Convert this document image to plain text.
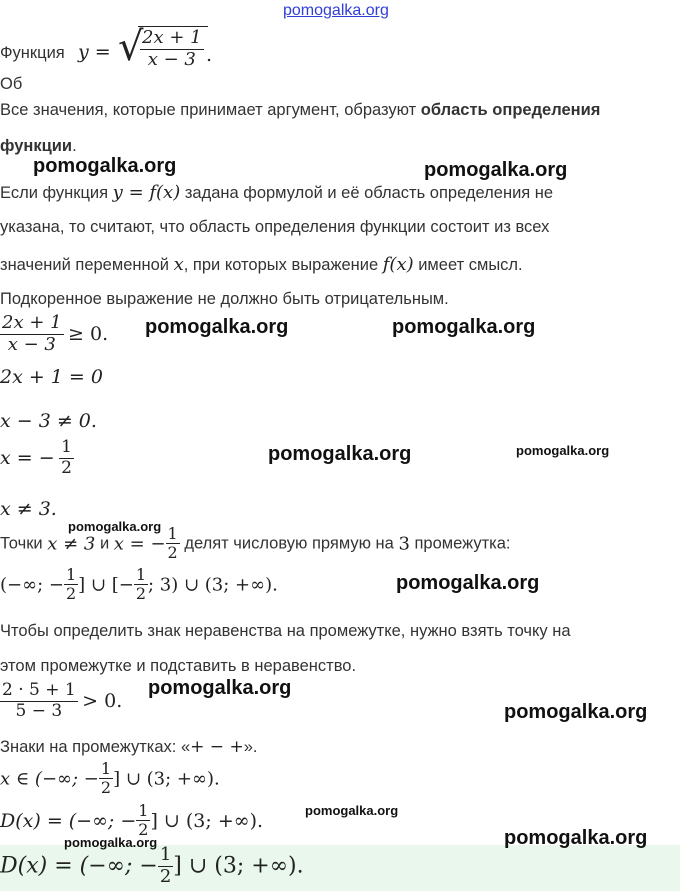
pomogalka.org
Функция y = √
$\frac{2x + 1}{x - 3}$ .
Об
Все значения, которые принимает аргумент, образуют область определения
функции.
pomogalka.org	pomogalka.org
Если функция y = f(x) задана формулой и её область определения не
указана, то считают, что область определения функции состоит из всех
значений переменной x, при которых выражение f(x) имеет смысл.
Подкоренное выражение не должно быть отрицательным.
$\frac{2x + 1}{x - 3} \ge 0$. pomogalka.org	pomogalka.org
2x + 1 = 0
x − 3 ≠ 0.
x = − $\frac{1}{2}$	pomogalka.org	pomogalka.org
x ≠ 3.
pomogalka.org
Точки x ≠ 3 и x = − $\frac{1}{2}$ делят числовую прямую на 3 промежутка:
(−∞; − $\frac{1}{2}$ ] ∪ [− $\frac{1}{2}$ ; 3) ∪ (3; +∞).	pomogalka.org
Чтобы определить знак неравенства на промежутке, нужно взять точку на
этом промежутке и подставить в неравенство.
pomogalka.org
$\frac{2 \cdot 5 + 1}{5 - 3} > 0$.	pomogalka.org
Знаки на промежутках: «+ − +».
x ∈ (−∞; − $\frac{1}{2}$ ] ∪ (3; +∞).
pomogalka.org
D(x) = (−∞; − $\frac{1}{2}$ ] ∪ (3; +∞).
pomogalka.org	pomogalka.org
D(x) = (−∞; − $\frac{1}{2}$ ] ∪ (3; +∞).
